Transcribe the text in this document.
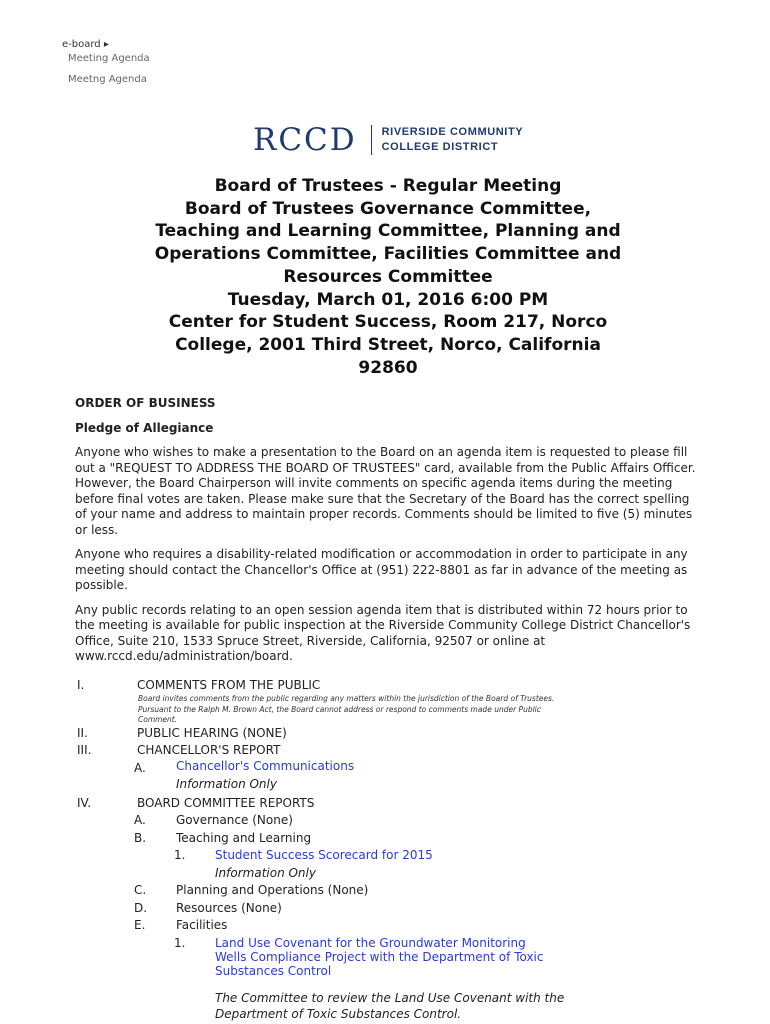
e-board ▸
Meeting Agenda
Meetng Agenda
RCCD RIVERSIDE COMMUNITY
COLLEGE DISTRICT
Board of Trustees - Regular Meeting
Board of Trustees Governance Committee,
Teaching and Learning Committee, Planning and
Operations Committee, Facilities Committee and
Resources Committee
Tuesday, March 01, 2016 6:00 PM
Center for Student Success, Room 217, Norco
College, 2001 Third Street, Norco, California
92860
ORDER OF BUSINESS
Pledge of Allegiance

Anyone who wishes to make a presentation to the Board on an agenda item is requested to please fill out a "REQUEST TO ADDRESS THE BOARD OF TRUSTEES" card, available from the Public Affairs Officer. However, the Board Chairperson will invite comments on specific agenda items during the meeting before final votes are taken. Please make sure that the Secretary of the Board has the correct spelling of your name and address to maintain proper records. Comments should be limited to five (5) minutes or less.

Anyone who requires a disability-related modification or accommodation in order to participate in any meeting should contact the Chancellor's Office at (951) 222-8801 as far in advance of the meeting as possible.

Any public records relating to an open session agenda item that is distributed within 72 hours prior to the meeting is available for public inspection at the Riverside Community College District Chancellor's Office, Suite 210, 1533 Spruce Street, Riverside, California, 92507 or online at www.rccd.edu/administration/board.

I.	COMMENTS FROM THE PUBLIC
Board invites comments from the public regarding any matters within the jurisdiction of the Board of Trustees. Pursuant to the Ralph M. Brown Act, the Board cannot address or respond to comments made under Public Comment.
II.	PUBLIC HEARING (NONE)
III.	CHANCELLOR'S REPORT
A.	Chancellor's Communications
Information Only
IV.	BOARD COMMITTEE REPORTS
A.	Governance (None)
B. Teaching and Learning
1. Student Success Scorecard for 2015
Information Only
C. Planning and Operations (None)
D. Resources (None)
E.	Facilities
1. Land Use Covenant for the Groundwater Monitoring Wells Compliance Project with the Department of Toxic Substances Control
The Committee to review the Land Use Covenant with the Department of Toxic Substances Control.
